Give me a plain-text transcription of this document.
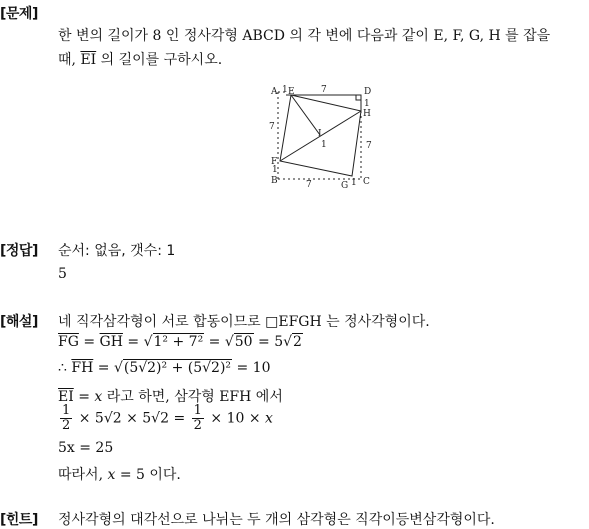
[문제]
한 변의 길이가 8 인 정사각형 ABCD 의 각 변에 다음과 같이 E, F, G, H 를 잡을
때, $\overline{EI}$ 의 길이를 구하시오.
A 1 E	7	D
1
H
7
C
G 1
7
B
1
F
7
I
1
[정답] 순서: 없음, 갯수: 1
5
[해설] 네 직각삼각형이 서로 합동이므로 □EFGH 는 정사각형이다.
$\overline{FG} = \overline{GH} = √1^2 + 7^2 = √50 = 5√2$
∴ $\overline{FH} = √(5√2)^2 + (5√2)^2 = 10$
$\overline{EI} = x$ 라고 하면, 삼각형 EFH 에서
$\frac{1}{2} \times 5√2 \times 5√2 = \frac{1}{2} \times 10 \times x$
5x = 25
따라서, x = 5 이다.
[힌트] 정사각형의 대각선으로 나뉘는 두 개의 삼각형은 직각이등변삼각형이다.
